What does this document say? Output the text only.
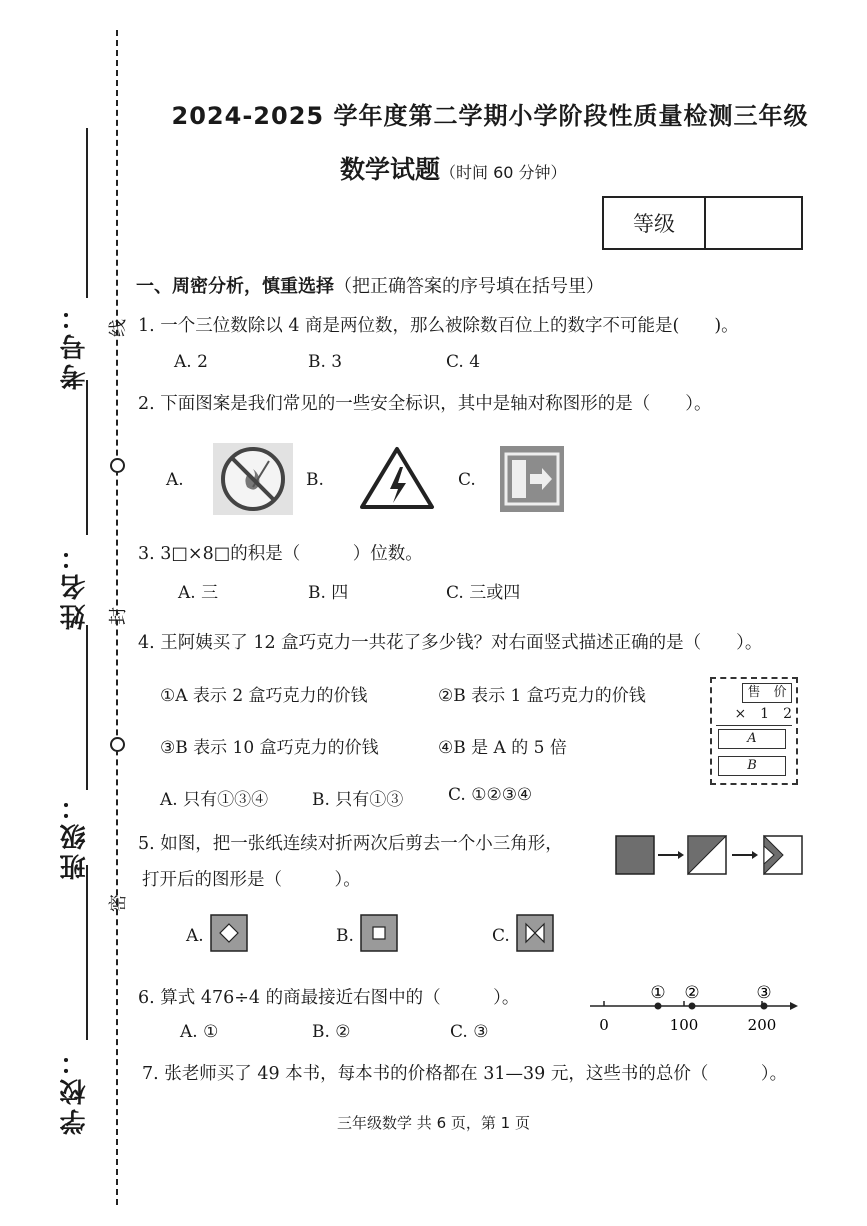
考号：
姓名：
班级：
学校：
线
封
密
2024-2025 学年度第二学期小学阶段性质量检测三年级
数学试题（时间 60 分钟）
等级
一、周密分析，慎重选择（把正确答案的序号填在括号里）
1. 一个三位数除以 4 商是两位数，那么被除数百位上的数字不可能是(　　)。
A. 2	B. 3	C. 4
2. 下面图案是我们常见的一些安全标识，其中是轴对称图形的是（　　）。
A.	B.	C.
3. 3□×8□的积是（　　　）位数。
A. 三	B. 四	C. 三或四
4. 王阿姨买了 12 盒巧克力一共花了多少钱？对右面竖式描述正确的是（　　）。
①A 表示 2 盒巧克力的价钱	②B 表示 1 盒巧克力的价钱
③B 表示 10 盒巧克力的价钱	④B 是 A 的 5 倍
A. 只有①③④	B. 只有①③	C. ①②③④
售　价
×　1　2
A
B
5. 如图，把一张纸连续对折两次后剪去一个小三角形，
打开后的图形是（　　　）。
A.	B.	C.
6. 算式 476÷4 的商最接近右图中的（　　　）。
A. ①	B. ②	C. ③
① ②	③
0	100	200
7. 张老师买了 49 本书，每本书的价格都在 31—39 元，这些书的总价（　　　）。
三年级数学 共 6 页，第 1 页
